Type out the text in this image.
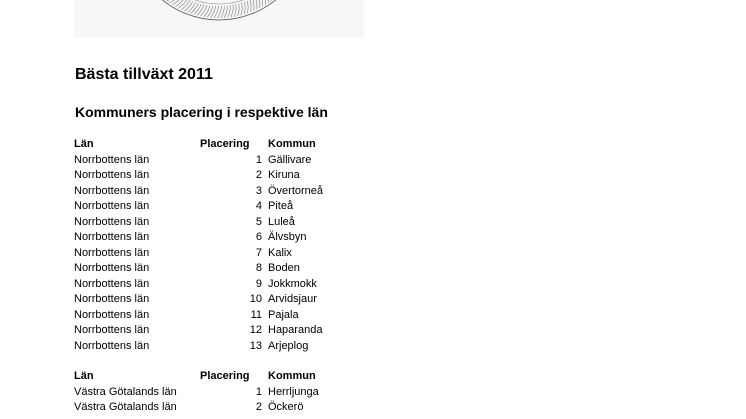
Bästa tillväxt 2011
Kommuners placering i respektive län
Län	Placering Kommun
Norrbottens län	1 Gällivare
Norrbottens län	2 Kiruna
Norrbottens län	3 Övertorneå
Norrbottens län	4 Piteå
Norrbottens län	5 Luleå
Norrbottens län	6 Älvsbyn
Norrbottens län	7 Kalix
Norrbottens län	8 Boden
Norrbottens län	9 Jokkmokk
Norrbottens län	10 Arvidsjaur
Norrbottens län	11 Pajala
Norrbottens län	12 Haparanda
Norrbottens län	13 Arjeplog
Län	Placering Kommun
Västra Götalands län	1 Herrljunga
Västra Götalands län	2 Öckerö
